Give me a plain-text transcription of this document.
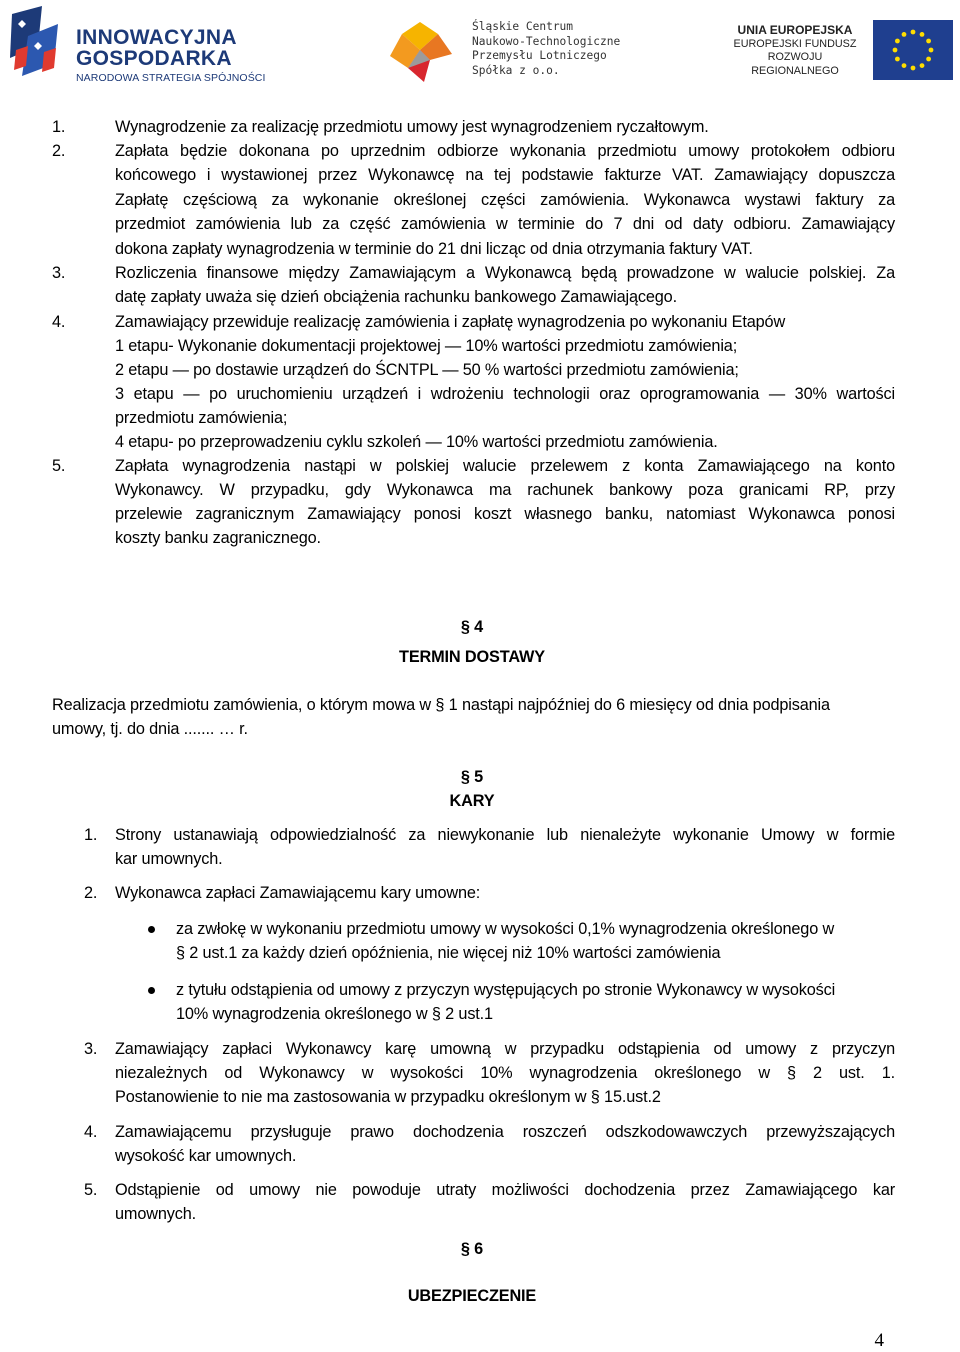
INNOWACYJNA
GOSPODARKA
NARODOWA STRATEGIA SPÓJNOŚCI
Śląskie Centrum
Naukowo-Technologiczne
Przemysłu Lotniczego
Spółka z o.o.
UNIA EUROPEJSKA
EUROPEJSKI FUNDUSZ
ROZWOJU REGIONALNEGO
1.	Wynagrodzenie za realizację przedmiotu umowy jest wynagrodzeniem ryczałtowym.
2.	Zapłata będzie dokonana po uprzednim odbiorze wykonania przedmiotu umowy protokołem odbioru
końcowego i wystawionej przez Wykonawcę na tej podstawie fakturze VAT. Zamawiający dopuszcza
Zapłatę częściową za wykonanie określonej części zamówienia. Wykonawca wystawi faktury za
przedmiot zamówienia lub za część zamówienia w terminie do 7 dni od daty odbioru. Zamawiający
dokona zapłaty wynagrodzenia w terminie do 21 dni licząc od dnia otrzymania faktury VAT.
3.	Rozliczenia finansowe między Zamawiającym a Wykonawcą będą prowadzone w walucie polskiej. Za
datę zapłaty uważa się dzień obciążenia rachunku bankowego Zamawiającego.
4.	Zamawiający przewiduje realizację zamówienia i zapłatę wynagrodzenia po wykonaniu Etapów
1 etapu- Wykonanie dokumentacji projektowej — 10% wartości przedmiotu zamówienia;
2 etapu — po dostawie urządzeń do ŚCNTPL — 50 % wartości przedmiotu zamówienia;
3 etapu — po uruchomieniu urządzeń i wdrożeniu technologii oraz oprogramowania — 30% wartości
przedmiotu zamówienia;
4 etapu- po przeprowadzeniu cyklu szkoleń — 10% wartości przedmiotu zamówienia.
5.	Zapłata wynagrodzenia nastąpi w polskiej walucie przelewem z konta Zamawiającego na konto
Wykonawcy. W przypadku, gdy Wykonawca ma rachunek bankowy poza granicami RP, przy
przelewie zagranicznym Zamawiający ponosi koszt własnego banku, natomiast Wykonawca ponosi
koszty banku zagranicznego.
§ 4
TERMIN DOSTAWY
Realizacja przedmiotu zamówienia, o którym mowa w § 1 nastąpi najpóźniej do 6 miesięcy od dnia podpisania
umowy, tj. do dnia ....... … r.
§ 5
KARY
1. Strony ustanawiają odpowiedzialność za niewykonanie lub nienależyte wykonanie Umowy w formie
kar umownych.
2. Wykonawca zapłaci Zamawiającemu kary umowne:
za zwłokę w wykonaniu przedmiotu umowy w wysokości 0,1% wynagrodzenia określonego w
§ 2 ust.1 za każdy dzień opóźnienia, nie więcej niż 10% wartości zamówienia
z tytułu odstąpienia od umowy z przyczyn występujących po stronie Wykonawcy w wysokości
10% wynagrodzenia określonego w § 2 ust.1
3. Zamawiający zapłaci Wykonawcy karę umowną w przypadku odstąpienia od umowy z przyczyn
niezależnych od Wykonawcy w wysokości 10% wynagrodzenia określonego w § 2 ust. 1.
Postanowienie to nie ma zastosowania w przypadku określonym w § 15.ust.2
4. Zamawiającemu przysługuje prawo dochodzenia roszczeń odszkodowawczych przewyższających
wysokość kar umownych.
5. Odstąpienie od umowy nie powoduje utraty możliwości dochodzenia przez Zamawiającego kar
umownych.
§ 6
UBEZPIECZENIE
4
